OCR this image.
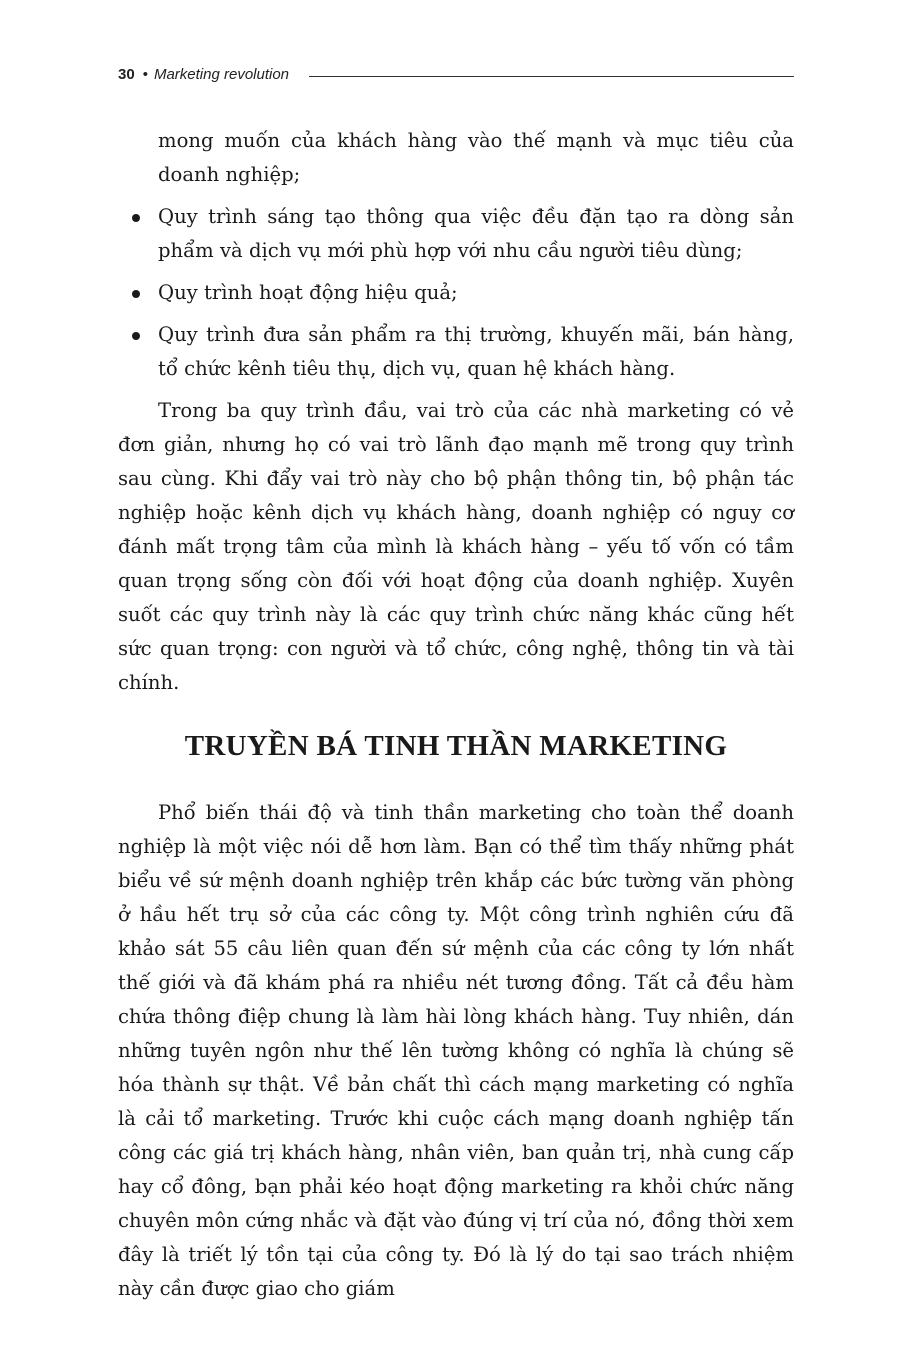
30 • Marketing revolution

mong muốn của khách hàng vào thế mạnh và mục tiêu của doanh nghiệp;

Quy trình sáng tạo thông qua việc đều đặn tạo ra dòng sản phẩm và dịch vụ mới phù hợp với nhu cầu người tiêu dùng;
Quy trình hoạt động hiệu quả;
Quy trình đưa sản phẩm ra thị trường, khuyến mãi, bán hàng, tổ chức kênh tiêu thụ, dịch vụ, quan hệ khách hàng.

Trong ba quy trình đầu, vai trò của các nhà marketing có vẻ đơn giản, nhưng họ có vai trò lãnh đạo mạnh mẽ trong quy trình sau cùng. Khi đẩy vai trò này cho bộ phận thông tin, bộ phận tác nghiệp hoặc kênh dịch vụ khách hàng, doanh nghiệp có nguy cơ đánh mất trọng tâm của mình là khách hàng – yếu tố vốn có tầm quan trọng sống còn đối với hoạt động của doanh nghiệp. Xuyên suốt các quy trình này là các quy trình chức năng khác cũng hết sức quan trọng: con người và tổ chức, công nghệ, thông tin và tài chính.

TRUYỀN BÁ TINH THẦN MARKETING

Phổ biến thái độ và tinh thần marketing cho toàn thể doanh nghiệp là một việc nói dễ hơn làm. Bạn có thể tìm thấy những phát biểu về sứ mệnh doanh nghiệp trên khắp các bức tường văn phòng ở hầu hết trụ sở của các công ty. Một công trình nghiên cứu đã khảo sát 55 câu liên quan đến sứ mệnh của các công ty lớn nhất thế giới và đã khám phá ra nhiều nét tương đồng. Tất cả đều hàm chứa thông điệp chung là làm hài lòng khách hàng. Tuy nhiên, dán những tuyên ngôn như thế lên tường không có nghĩa là chúng sẽ hóa thành sự thật. Về bản chất thì cách mạng marketing có nghĩa là cải tổ marketing. Trước khi cuộc cách mạng doanh nghiệp tấn công các giá trị khách hàng, nhân viên, ban quản trị, nhà cung cấp hay cổ đông, bạn phải kéo hoạt động marketing ra khỏi chức năng chuyên môn cứng nhắc và đặt vào đúng vị trí của nó, đồng thời xem đây là triết lý tồn tại của công ty. Đó là lý do tại sao trách nhiệm này cần được giao cho giám
